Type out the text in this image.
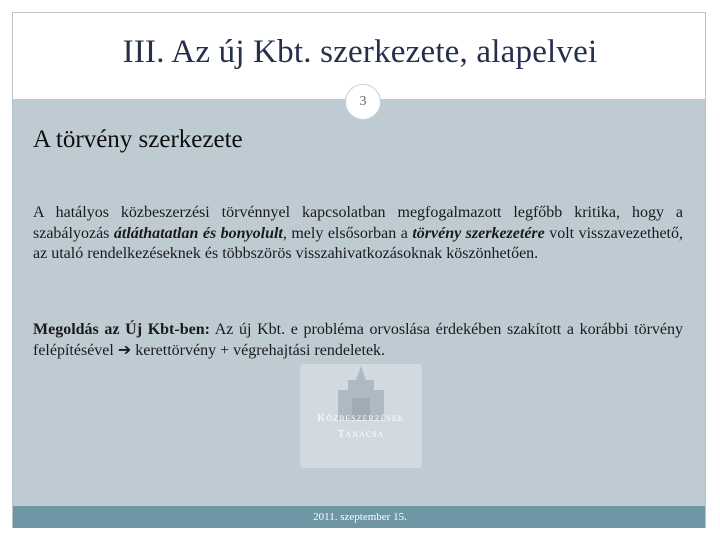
III. Az új Kbt. szerkezete, alapelvei
3
Közbeszerzések
Tanácsa
A törvény szerkezete
A hatályos közbeszerzési törvénnyel kapcsolatban megfogalmazott legfőbb kritika, hogy a szabályozás átláthatatlan és bonyolult, mely elsősorban a törvény szerkezetére volt visszavezethető, az utaló rendelkezéseknek és többszörös visszahivatkozásoknak köszönhetően.
Megoldás az Új Kbt-ben: Az új Kbt. e probléma orvoslása érdekében szakított a korábbi törvény felépítésével ➔ kerettörvény + végrehajtási rendeletek.
2011. szeptember 15.
